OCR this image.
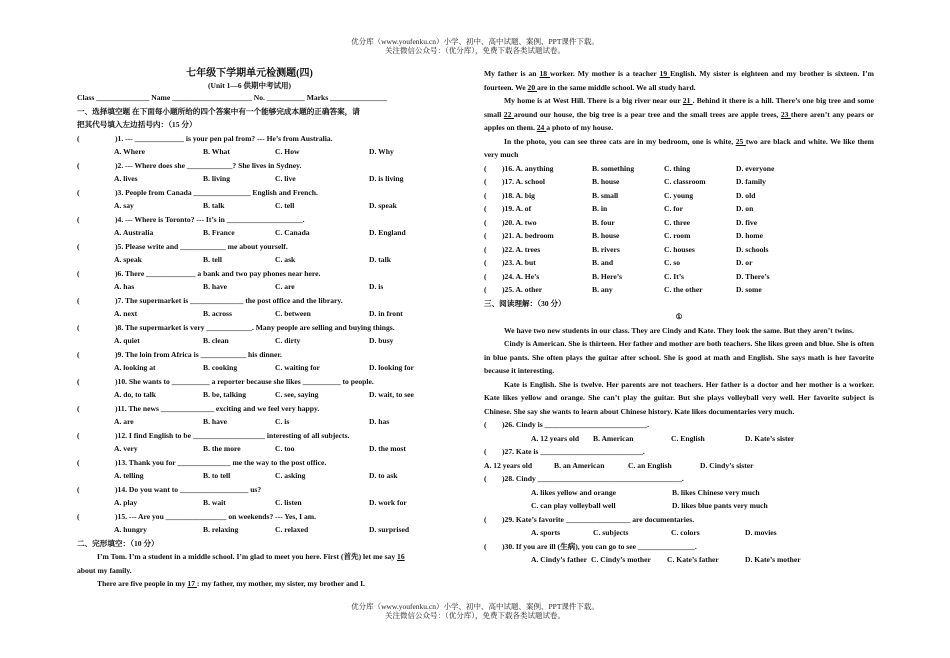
优分库（www.youfenku.cn）小学、初中、高中试题、案例、PPT课件下载。
关注微信公众号：（优分库），免费下载各类试题试卷。
七年级下学期单元检测题(四)
(Unit 1—6 供期中考试用)
Class ______________ Name _____________________ No. __________ Marks _______________
一、选择填空题 在下面每小题所给的四个答案中有一个能够完成本题的正确答案，请
把其代号填入左边括号内：（15 分）
(	)1. --- _____________ is your pen pal from? --- He’s from Australia.
A. Where	B. What	C. How	D. Why
(	)2. --- Where does she ____________? She lives in Sydney.
A. lives	B. living	C. live	D. is living
(	)3. People from Canada _______________ English and French.
A. say	B. talk	C. tell	D. speak
(	)4. --- Where is Toronto? --- It’s in ____________________.
A. Australia	B. France	C. Canada	D. England
(	)5. Please write and ____________ me about yourself.
A. speak	B. tell	C. ask	D. talk
(	)6. There _____________ a bank and two pay phones near here.
A. has	B. have	C. are	D. is
(	)7. The supermarket is ______________ the post office and the library.
A. next	B. across	C. between	D. in front
(	)8. The supermarket is very ____________. Many people are selling and buying things.
A. quiet	B. clean	C. dirty	D. busy
(	)9. The loin from Africa is ____________ his dinner.
A. looking at	B. cooking	C. waiting for	D. looking for
(	)10. She wants to __________ a reporter because she likes __________ to people.
A. do, to talk	B. be, talking	C. see, saying	D. wait, to see
(	)11. The news ______________ exciting and we feel very happy.
A. are	B. have	C. is	D. has
(	)12. I find English to be ___________________ interesting of all subjects.
A. very	B. the more	C. too	D. the most
(	)13. Thank you for ______________ me the way to the post office.
A. telling	B. to tell	C. asking	D. to ask
(	)14. Do you want to __________________ us?
A. play	B. wait	C. listen	D. work for
(	)15. --- Are you ________________ on weekends? --- Yes, I am.
A. hungry	B. relaxing	C. relaxed	D. surprised
二、完形填空：（10 分）
I’m Tom. I’m a student in a middle school. I’m glad to meet you here. First (首先) let me say 16 about my family.
There are five people in my 17 : my father, my mother, my sister, my brother and I.
My father is an 18 worker. My mother is a teacher 19 English. My sister is eighteen and my brother is sixteen. I’m fourteen. We 20 are in the same middle school. We all study hard.
My home is at West Hill. There is a big river near our 21 . Behind it there is a hill. There’s one big tree and some small 22 around our house, the big tree is a pear tree and the small trees are apple trees, 23 there aren’t any pears or apples on them. 24 a photo of my house.
In the photo, you can see three cats are in my bedroom, one is white, 25 two are black and white. We like them very much
(	)16. A. anything	B. something	C. thing	D. everyone
(	)17. A. school	B. house	C. classroom	D. family
(	)18. A. big	B. small	C. young	D. old
(	)19. A. of	B. in	C. for	D. on
(	)20. A. two	B. four	C. three	D. five
(	)21. A. bedroom	B. house	C. room	D. home
(	)22. A. trees	B. rivers	C. houses	D. schools
(	)23. A. but	B. and	C. so	D. or
(	)24. A. He’s	B. Here’s	C. It’s	D. There’s
(	)25. A. other	B. any	C. the other	D. some
三、阅读理解：（30 分）
①
We have two new students in our class. They are Cindy and Kate. They look the same. But they aren’t twins.
Cindy is American. She is thirteen. Her father and mother are both teachers. She likes green and blue. She is often in blue pants. She often plays the guitar after school. She is good at math and English. She says math is her favorite because it interesting.
Kate is English. She is twelve. Her parents are not teachers. Her father is a doctor and her mother is a worker. Kate likes yellow and orange. She can’t play the guitar. But she plays volleyball very well. Her favorite subject is Chinese. She say she wants to learn about Chinese history. Kate likes documentaries very much.
(	)26. Cindy is ___________________________.
A. 12 years old	B. American	C. English	D. Kate’s sister
(	)27. Kate is ___________________________.
A. 12 years old	B. an American	C. an English	D. Cindy’s sister
(	)28. Cindy ______________________________________.
A. likes yellow and orange	B. likes Chinese very much
C. can play volleyball well	D. likes blue pants very much
(	)29. Kate’s favorite _________________ are documentaries.
A. sports	C. subjects	C. colors	D. movies
(	)30. If you are ill (生病), you can go to see _______________.
A. Cindy’s father C. Cindy’s mother	C. Kate’s father	D. Kate’s mother
优分库（www.youfenku.cn）小学、初中、高中试题、案例、PPT课件下载。
关注微信公众号：（优分库），免费下载各类试题试卷。
